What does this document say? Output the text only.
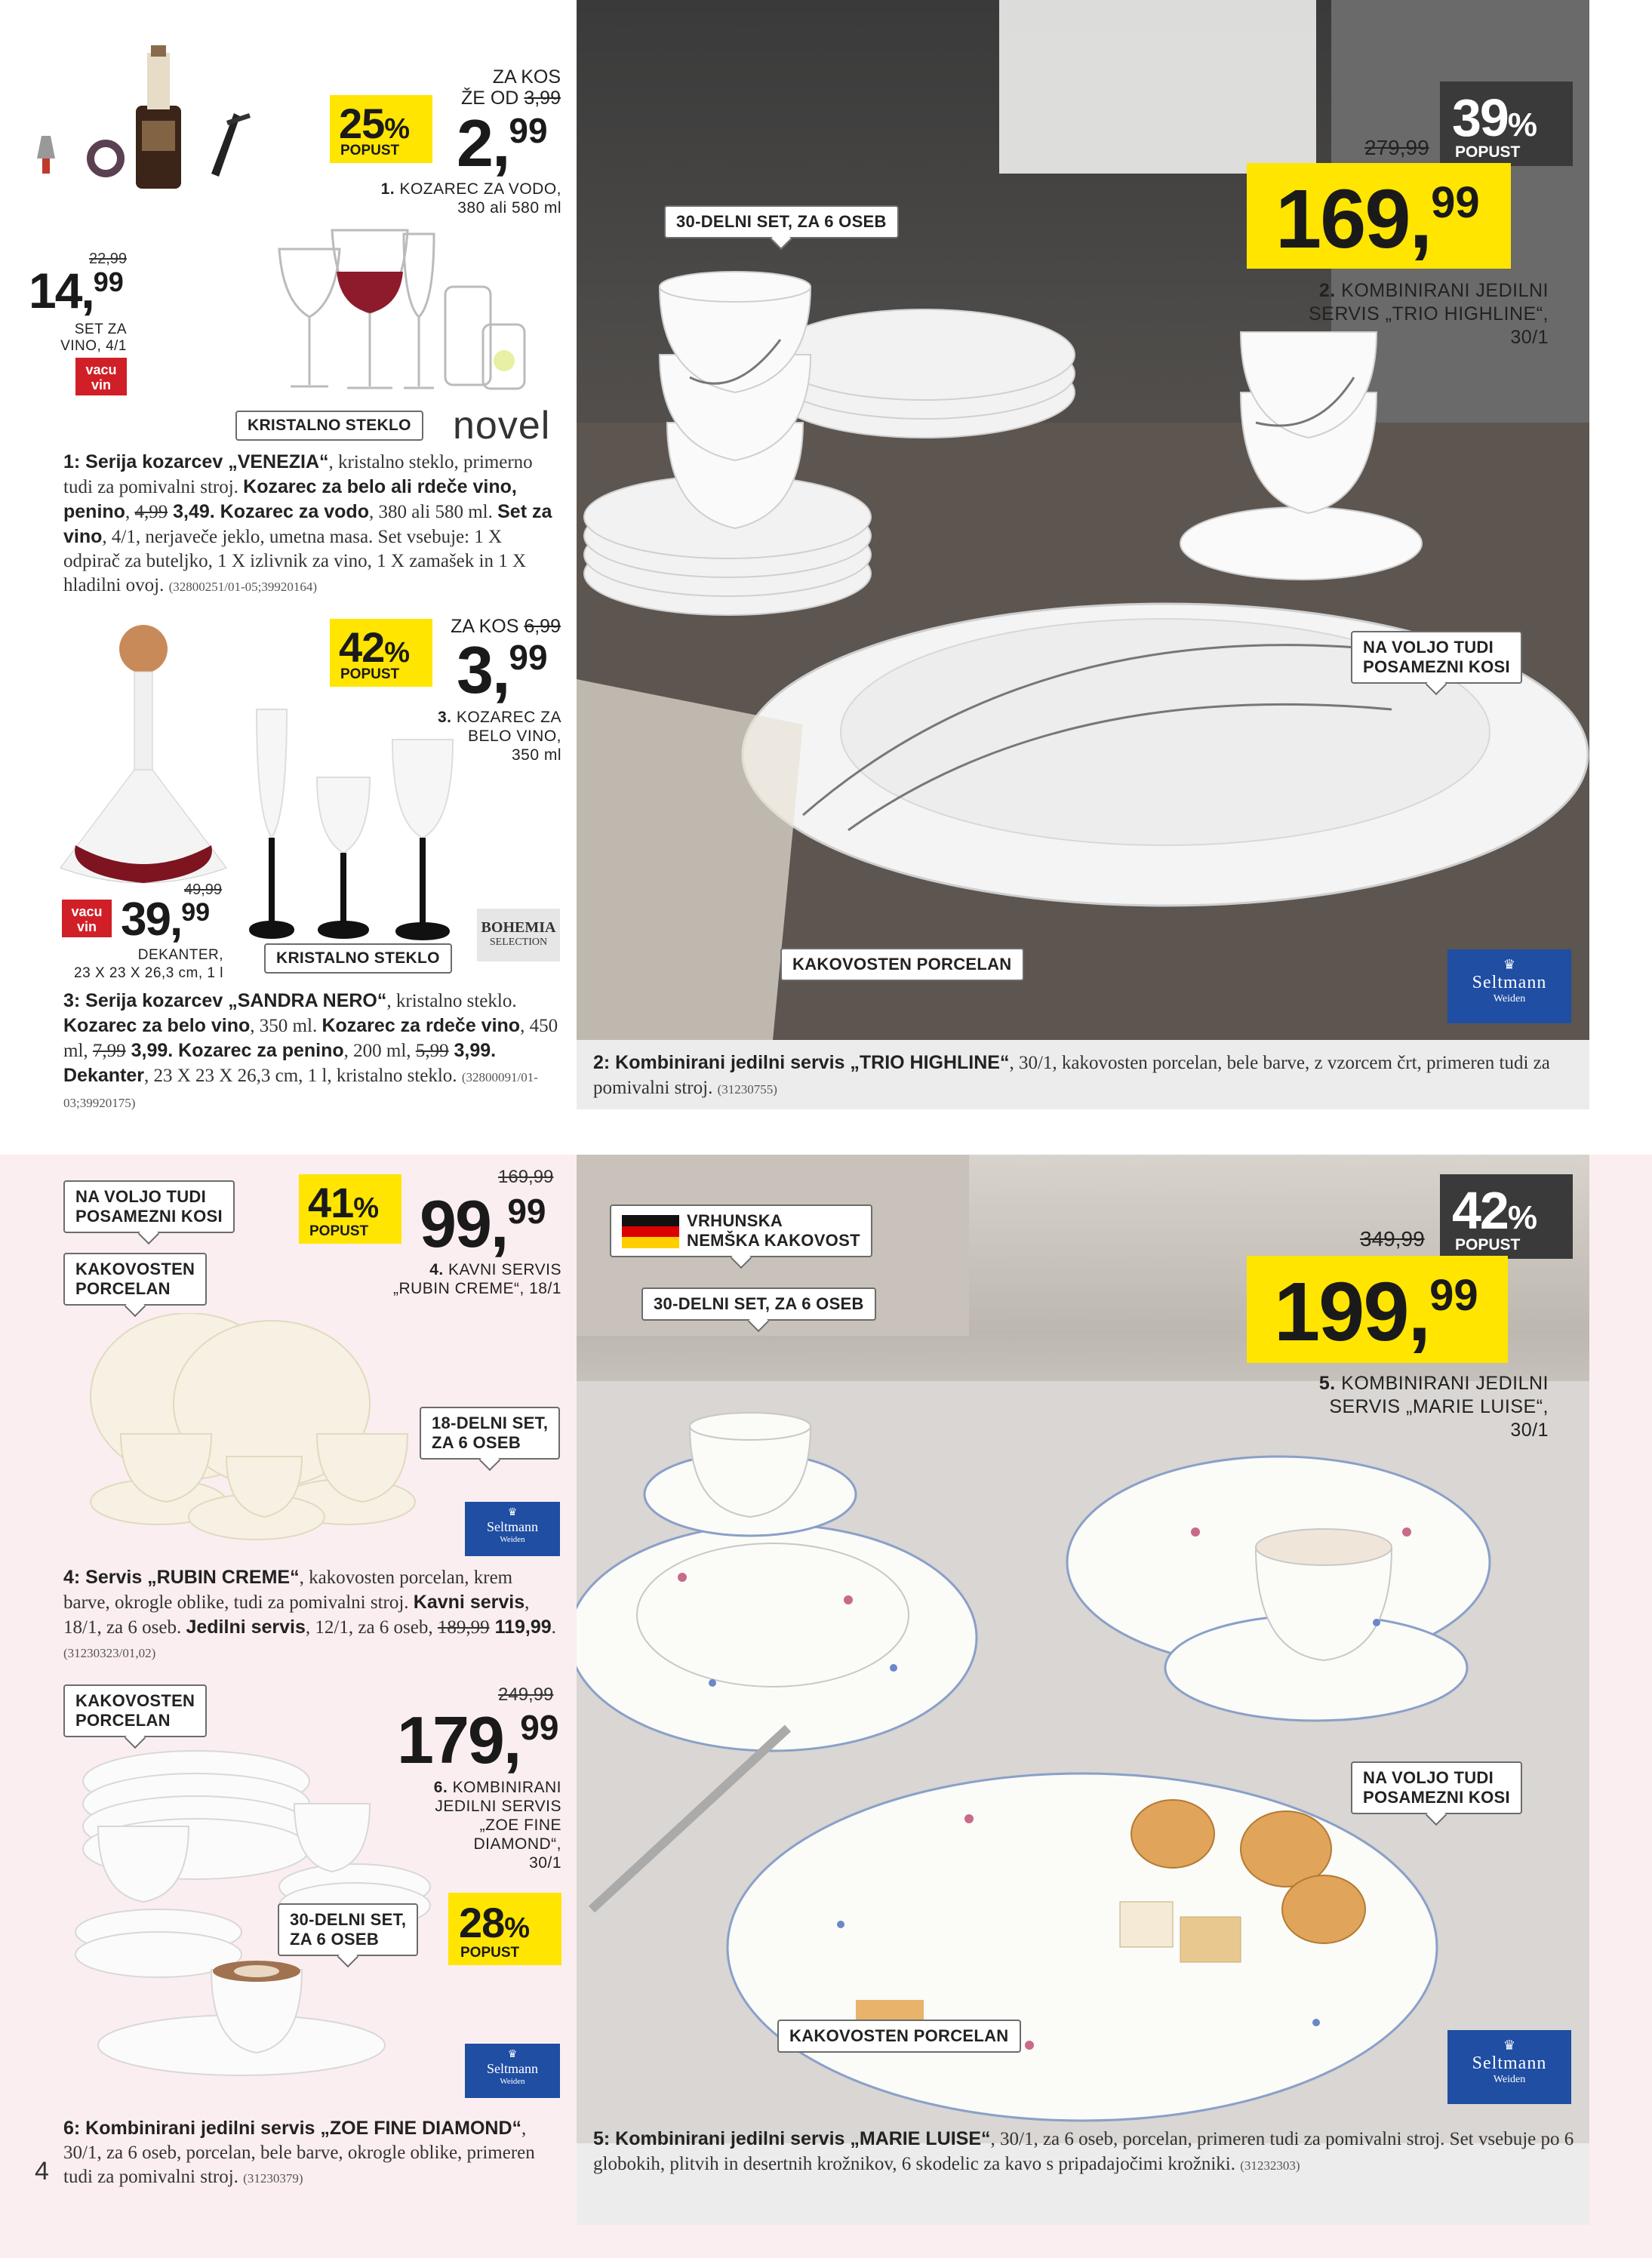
22,99
14,99
SET ZA
VINO, 4/1
vacu
vin
25%
POPUST
ZA KOS
ŽE OD 3,99
2,99
1. KOZAREC ZA VODO,
380 ali 580 ml
KRISTALNO STEKLO	novel
1: Serija kozarcev „VENEZIA“, kristalno steklo, primerno tudi za pomivalni stroj. Kozarec za belo ali rdeče vino, penino, 4,99 3,49. Kozarec za vodo, 380 ali 580 ml. Set za vino, 4/1, nerjaveče jeklo, umetna masa. Set vsebuje: 1 X odpirač za buteljko, 1 X izlivnik za vino, 1 X zamašek in 1 X hladilni ovoj. (32800251/01-05;39920164)
ZA KOS 6,99
42%
POPUST 3,99
3. KOZAREC ZA
BELO VINO,
350 ml
49,99
vacu
vin 39,99
DEKANTER,
23 X 23 X 26,3 cm, 1 l
KRISTALNO STEKLO
BOHEMIA
SELECTION
3: Serija kozarcev „SANDRA NERO“, kristalno steklo. Kozarec za belo vino, 350 ml. Kozarec za rdeče vino, 450 ml, 7,99 3,99. Kozarec za penino, 200 ml, 5,99 3,99. Dekanter, 23 X 23 X 26,3 cm, 1 l, kristalno steklo. (32800091/01-03;39920175)
30-DELNI SET, ZA 6 OSEB
39%
POPUST
279,99
169,99
2. KOMBINIRANI JEDILNI
SERVIS „TRIO HIGHLINE“,
30/1
NA VOLJO TUDI
POSAMEZNI KOSI
KAKOVOSTEN PORCELAN	♛
Seltmann
Weiden
2: Kombinirani jedilni servis „TRIO HIGHLINE“, 30/1, kakovosten porcelan, bele barve, z vzorcem črt, primeren tudi za pomivalni stroj. (31230755)
NA VOLJO TUDI
POSAMEZNI KOSI
KAKOVOSTEN
PORCELAN
41%
POPUST
169,99
99,99
4. KAVNI SERVIS
„RUBIN CREME“, 18/1
18-DELNI SET,
ZA 6 OSEB
♛
Seltmann
Weiden
4: Servis „RUBIN CREME“, kakovosten porcelan, krem barve, okrogle oblike, tudi za pomivalni stroj. Kavni servis, 18/1, za 6 oseb. Jedilni servis, 12/1, za 6 oseb, 189,99 119,99. (31230323/01,02)
KAKOVOSTEN
PORCELAN
249,99
179,99
6. KOMBINIRANI
JEDILNI SERVIS
„ZOE FINE
DIAMOND“,
30/1
30-DELNI SET,
ZA 6 OSEB	28%
POPUST
♛
Seltmann
Weiden
6: Kombinirani jedilni servis „ZOE FINE DIAMOND“, 30/1, za 6 oseb, porcelan, bele barve, okrogle oblike, primeren tudi za pomivalni stroj. (31230379)
4
VRHUNSKA
NEMŠKA KAKOVOST
30-DELNI SET, ZA 6 OSEB
42%
POPUST
349,99
199,99
5. KOMBINIRANI JEDILNI
SERVIS „MARIE LUISE“,
30/1
NA VOLJO TUDI
POSAMEZNI KOSI
KAKOVOSTEN PORCELAN	♛
Seltmann
Weiden
5: Kombinirani jedilni servis „MARIE LUISE“, 30/1, za 6 oseb, porcelan, primeren tudi za pomivalni stroj. Set vsebuje po 6 globokih, plitvih in desertnih krožnikov, 6 skodelic za kavo s pripadajočimi krožniki. (31232303)
